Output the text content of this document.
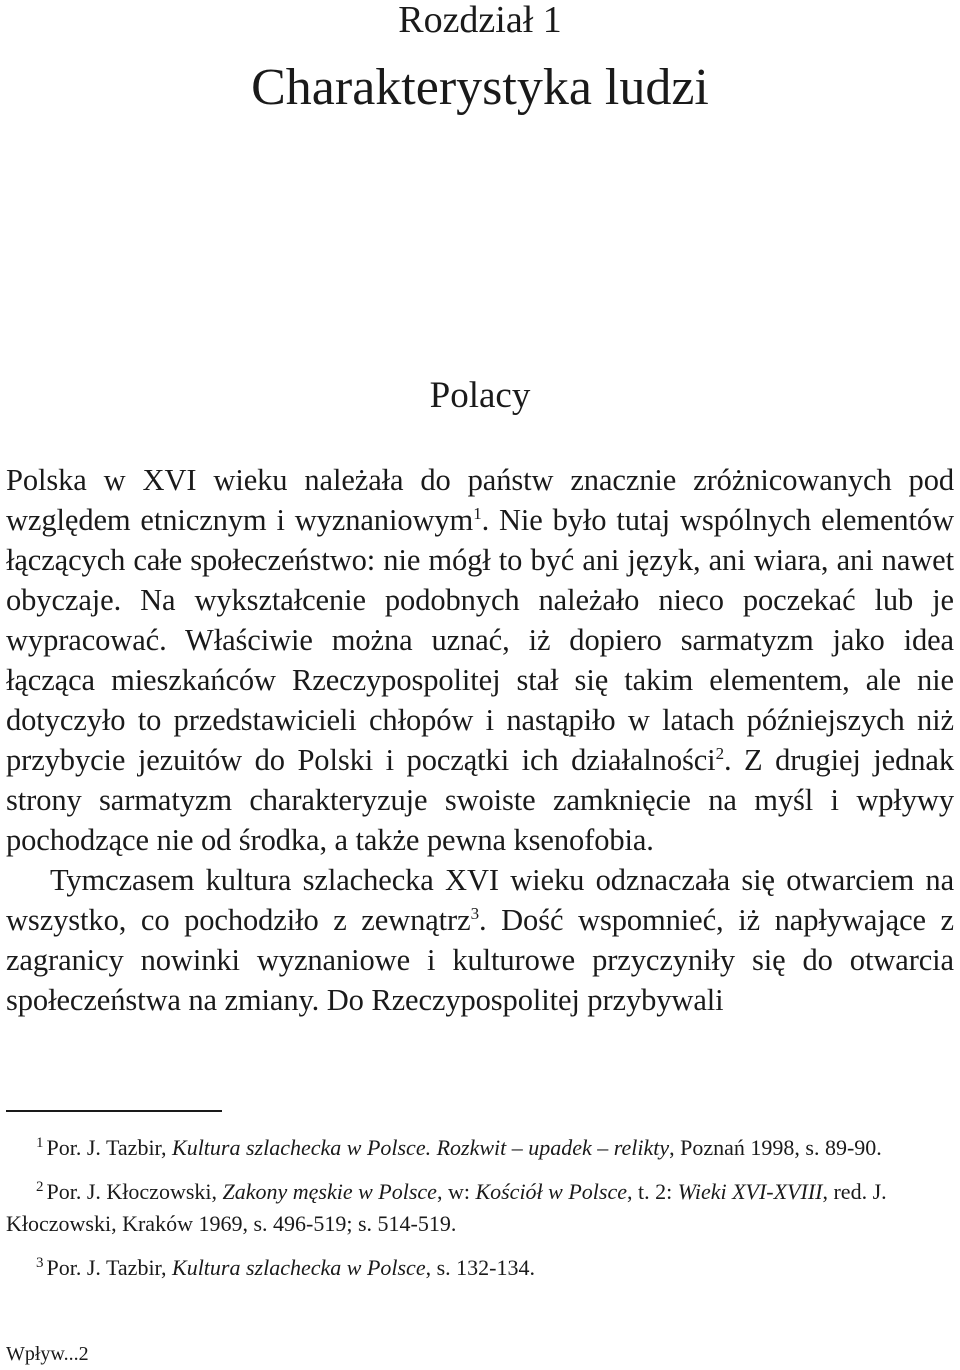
Rozdział 1
Charakterystyka ludzi
Polacy

Polska w XVI wieku należała do państw znacznie zróżnicowanych pod względem etnicznym i wyznaniowym$^1$. Nie było tutaj wspólnych elementów łączących całe społeczeństwo: nie mógł to być ani język, ani wiara, ani nawet obyczaje. Na wykształcenie podobnych należało nieco poczekać lub je wypracować. Właściwie można uznać, iż dopiero sarmatyzm jako idea łącząca mieszkańców Rzeczypospolitej stał się takim elementem, ale nie dotyczyło to przedstawicieli chłopów i nastąpiło w latach późniejszych niż przybycie jezuitów do Polski i początki ich działalności$^2$. Z drugiej jednak strony sarmatyzm charakteryzuje swoiste zamknięcie na myśl i wpływy pochodzące nie od środka, a także pewna ksenofobia.

Tymczasem kultura szlachecka XVI wieku odznaczała się otwarciem na wszystko, co pochodziło z zewnątrz$^3$. Dość wspomnieć, iż napływające z zagranicy nowinki wyznaniowe i kulturowe przyczyniły się do otwarcia społeczeństwa na zmiany. Do Rzeczypospolitej przybywali

$^1$ Por. J. Tazbir, Kultura szlachecka w Polsce. Rozkwit – upadek – relikty, Poznań 1998, s. 89-90.

$^2$ Por. J. Kłoczowski, Zakony męskie w Polsce, w: Kościół w Polsce, t. 2: Wieki XVI-XVIII, red. J. Kłoczowski, Kraków 1969, s. 496-519; s. 514-519.

$^3$ Por. J. Tazbir, Kultura szlachecka w Polsce, s. 132-134.

Wpływ...2
